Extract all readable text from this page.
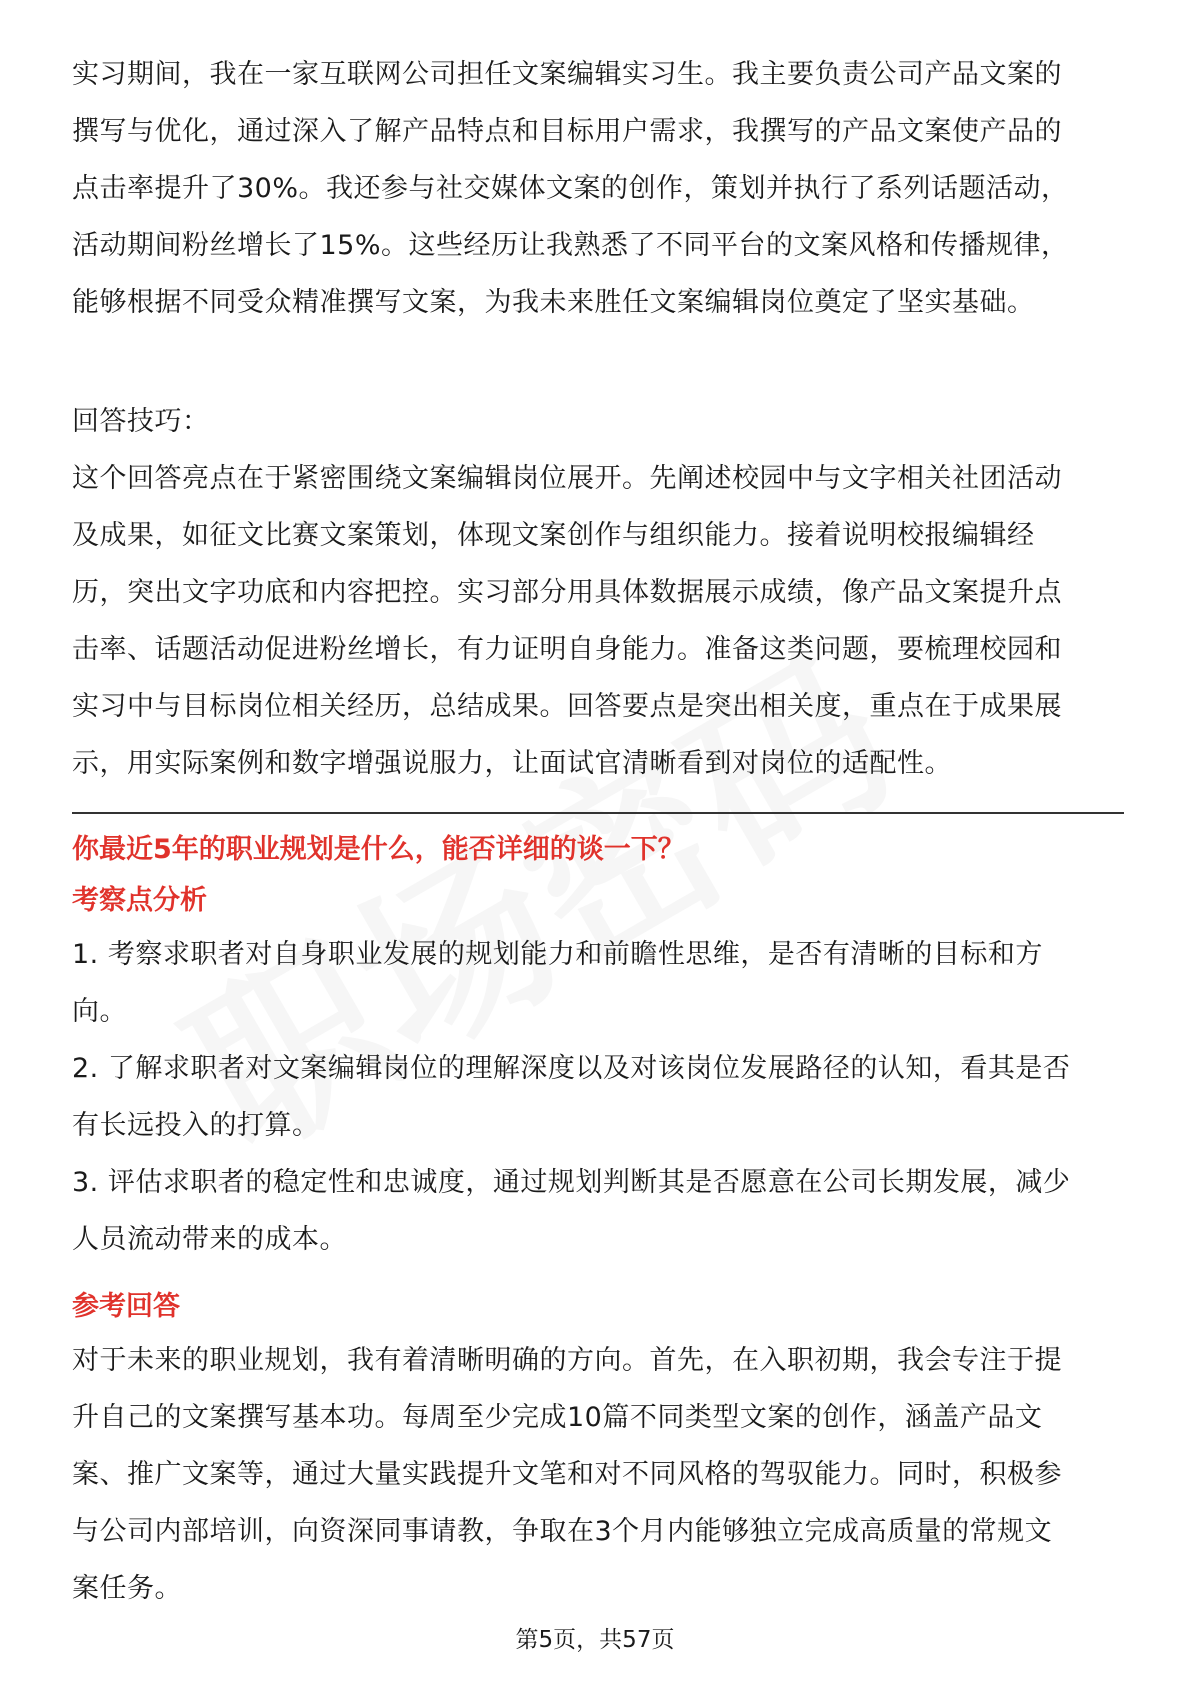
实习期间，我在一家互联网公司担任文案编辑实习生。我主要负责公司产品文案的

撰写与优化，通过深入了解产品特点和目标用户需求，我撰写的产品文案使产品的

点击率提升了30%。我还参与社交媒体文案的创作，策划并执行了系列话题活动，

活动期间粉丝增长了15%。这些经历让我熟悉了不同平台的文案风格和传播规律，

能够根据不同受众精准撰写文案，为我未来胜任文案编辑岗位奠定了坚实基础。

回答技巧：

这个回答亮点在于紧密围绕文案编辑岗位展开。先阐述校园中与文字相关社团活动

及成果，如征文比赛文案策划，体现文案创作与组织能力。接着说明校报编辑经

历，突出文字功底和内容把控。实习部分用具体数据展示成绩，像产品文案提升点

击率、话题活动促进粉丝增长，有力证明自身能力。准备这类问题，要梳理校园和

实习中与目标岗位相关经历，总结成果。回答要点是突出相关度，重点在于成果展

示，用实际案例和数字增强说服力，让面试官清晰看到对岗位的适配性。

你最近5年的职业规划是什么，能否详细的谈一下？
考察点分析

1. 考察求职者对自身职业发展的规划能力和前瞻性思维，是否有清晰的目标和方

向。

2. 了解求职者对文案编辑岗位的理解深度以及对该岗位发展路径的认知，看其是否

有长远投入的打算。

3. 评估求职者的稳定性和忠诚度，通过规划判断其是否愿意在公司长期发展，减少

人员流动带来的成本。

参考回答

对于未来的职业规划，我有着清晰明确的方向。首先，在入职初期，我会专注于提

升自己的文案撰写基本功。每周至少完成10篇不同类型文案的创作，涵盖产品文

案、推广文案等，通过大量实践提升文笔和对不同风格的驾驭能力。同时，积极参

与公司内部培训，向资深同事请教，争取在3个月内能够独立完成高质量的常规文

案任务。

第5页，共57页
